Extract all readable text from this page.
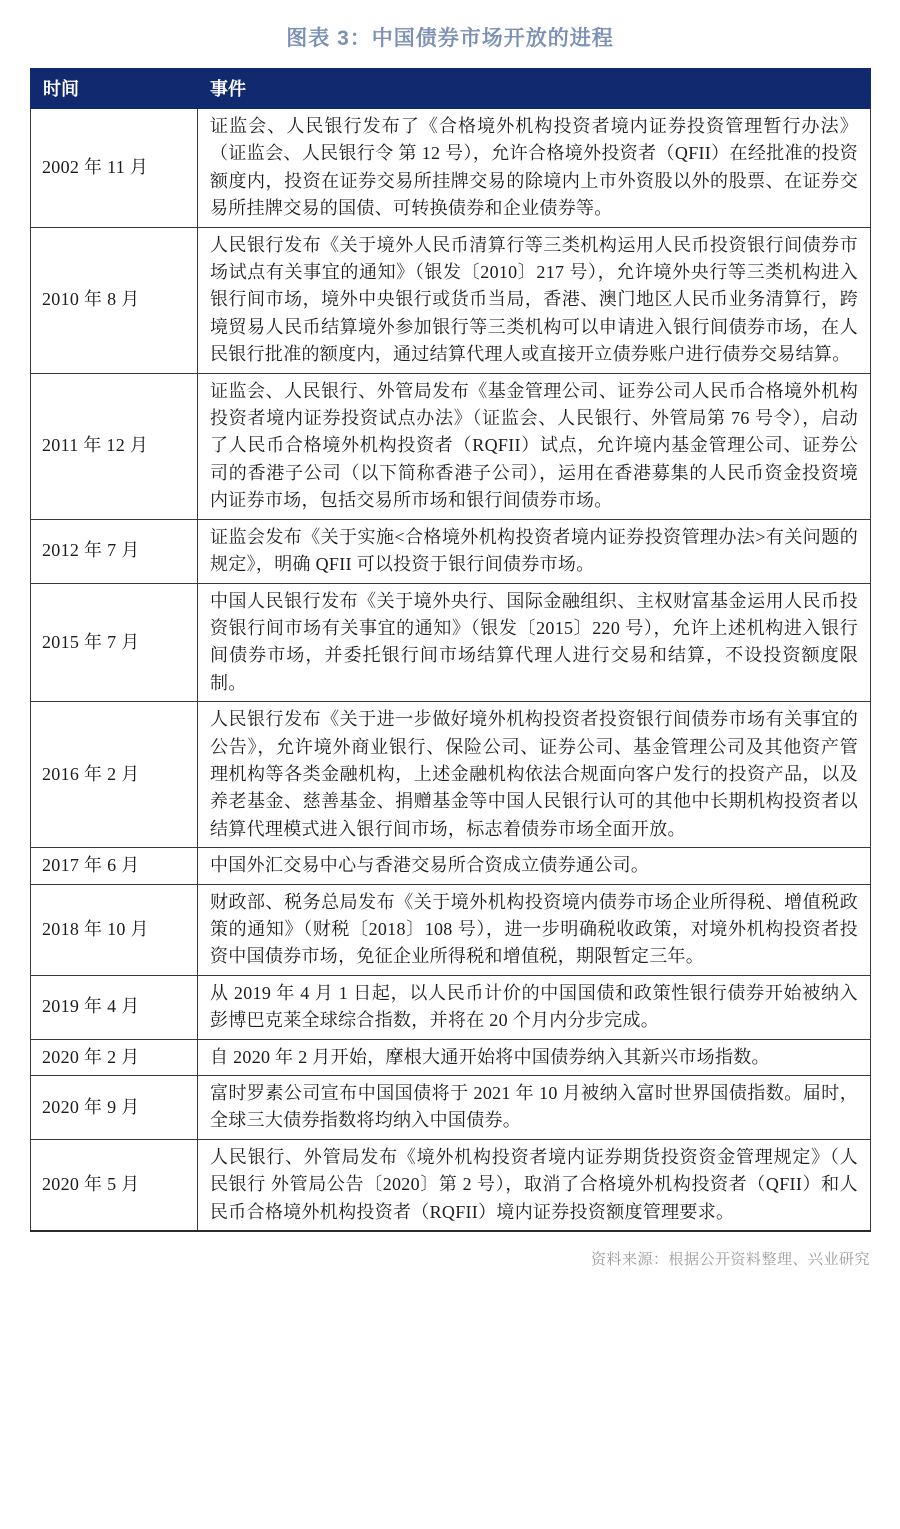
图表 3：中国债券市场开放的进程
时间	事件
2002 年 11 月	证监会、人民银行发布了《合格境外机构投资者境内证券投资管理暂行办法》（证监会、人民银行令 第 12 号），允许合格境外投资者（QFII）在经批准的投资额度内，投资在证券交易所挂牌交易的除境内上市外资股以外的股票、在证券交易所挂牌交易的国债、可转换债券和企业债券等。
2010 年 8 月	人民银行发布《关于境外人民币清算行等三类机构运用人民币投资银行间债券市场试点有关事宜的通知》（银发〔2010〕217 号），允许境外央行等三类机构进入银行间市场，境外中央银行或货币当局，香港、澳门地区人民币业务清算行，跨境贸易人民币结算境外参加银行等三类机构可以申请进入银行间债券市场，在人民银行批准的额度内，通过结算代理人或直接开立债券账户进行债券交易结算。
2011 年 12 月	证监会、人民银行、外管局发布《基金管理公司、证券公司人民币合格境外机构投资者境内证券投资试点办法》（证监会、人民银行、外管局第 76 号令），启动了人民币合格境外机构投资者（RQFII）试点，允许境内基金管理公司、证券公司的香港子公司（以下简称香港子公司），运用在香港募集的人民币资金投资境内证券市场，包括交易所市场和银行间债券市场。
2012 年 7 月	证监会发布《关于实施<合格境外机构投资者境内证券投资管理办法>有关问题的规定》，明确 QFII 可以投资于银行间债券市场。
2015 年 7 月	中国人民银行发布《关于境外央行、国际金融组织、主权财富基金运用人民币投资银行间市场有关事宜的通知》（银发〔2015〕220 号），允许上述机构进入银行间债券市场，并委托银行间市场结算代理人进行交易和结算，不设投资额度限制。
2016 年 2 月	人民银行发布《关于进一步做好境外机构投资者投资银行间债券市场有关事宜的公告》，允许境外商业银行、保险公司、证券公司、基金管理公司及其他资产管理机构等各类金融机构，上述金融机构依法合规面向客户发行的投资产品，以及养老基金、慈善基金、捐赠基金等中国人民银行认可的其他中长期机构投资者以结算代理模式进入银行间市场，标志着债券市场全面开放。
2017 年 6 月	中国外汇交易中心与香港交易所合资成立债券通公司。
2018 年 10 月	财政部、税务总局发布《关于境外机构投资境内债券市场企业所得税、增值税政策的通知》（财税〔2018〕108 号），进一步明确税收政策，对境外机构投资者投资中国债券市场，免征企业所得税和增值税，期限暂定三年。
2019 年 4 月	从 2019 年 4 月 1 日起，以人民币计价的中国国债和政策性银行债券开始被纳入彭博巴克莱全球综合指数，并将在 20 个月内分步完成。
2020 年 2 月	自 2020 年 2 月开始，摩根大通开始将中国债券纳入其新兴市场指数。
2020 年 9 月	富时罗素公司宣布中国国债将于 2021 年 10 月被纳入富时世界国债指数。届时，全球三大债券指数将均纳入中国债券。
2020 年 5 月	人民银行、外管局发布《境外机构投资者境内证券期货投资资金管理规定》（人民银行 外管局公告〔2020〕第 2 号），取消了合格境外机构投资者（QFII）和人民币合格境外机构投资者（RQFII）境内证券投资额度管理要求。
资料来源：根据公开资料整理、兴业研究
